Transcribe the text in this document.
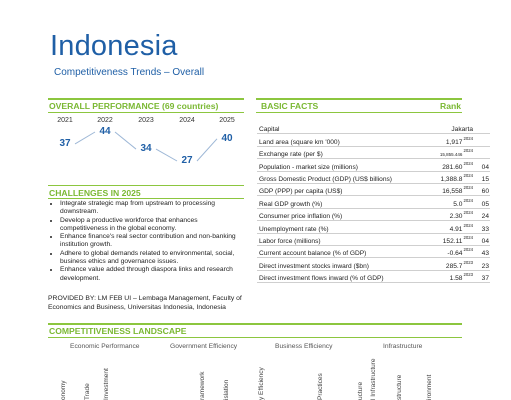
Indonesia
Competitiveness Trends – Overall
OVERALL PERFORMANCE (69 countries)
2021	2022	2023	2024	2025
37
44
34
27
40
CHALLENGES IN 2025
• Integrate strategic map from upstream to processing downstream.
• Develop a productive workforce that enhances competitiveness in the global economy.
• Enhance finance's real sector contribution and non-banking institution growth.
• Adhere to global demands related to environmental, social, business ethics and governance issues.
• Enhance value added through diaspora links and research development.
PROVIDED BY: LM FEB UI – Lembaga Management, Faculty of Economics and Business, Universitas Indonesia, Indonesia
BASIC FACTS	Rank
Capital	Jakarta	
Land area (square km '000)	$1,917^{2024}$	
Exchange rate (per $)	$15,855.446^{2024}$	
Population - market size (millions)	$281.60^{2024}$	04
Gross Domestic Product (GDP) (US$ billions)	$1,388.8^{2024}$	15
GDP (PPP) per capita (US$)	$16,558^{2024}$	60
Real GDP growth (%)	$5.0^{2024}$	05
Consumer price inflation (%)	$2.30^{2024}$	24
Unemployment rate (%)	$4.91^{2024}$	33
Labor force (millions)	$152.11^{2024}$	04
Current account balance (% of GDP)	$-0.64^{2024}$	43
Direct investment stocks inward ($bn)	$285.7^{2023}$	23
Direct investment flows inward (% of GDP)	$1.58^{2023}$	37
COMPETITIVENESS LANDSCAPE
Economic Performance	Government Efficiency	Business Efficiency	Infrastructure
onomy	Trade Investment	ramework	islation	y Efficiency	Practices	ucture l Infrastructure	structure	ironment
